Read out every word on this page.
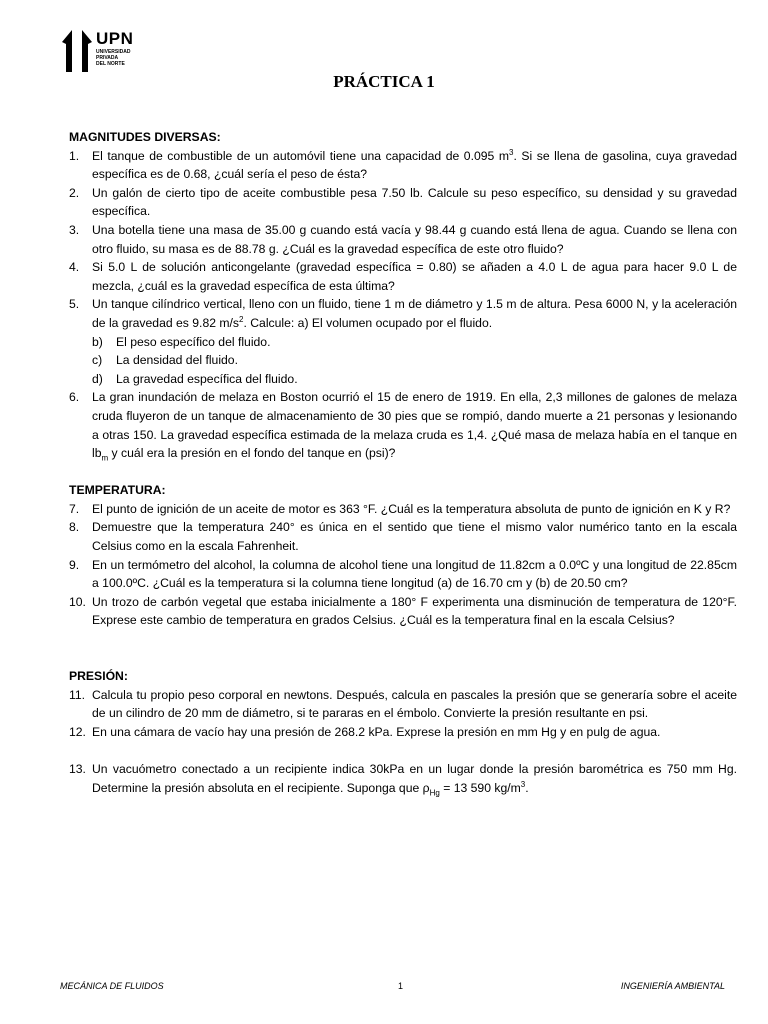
UPN
UNIVERSIDAD
PRIVADA
DEL NORTE
PRÁCTICA 1
MAGNITUDES DIVERSAS:
1.	El tanque de combustible de un automóvil tiene una capacidad de 0.095 $m^3$. Si se llena de gasolina, cuya gravedad específica es de 0.68, ¿cuál sería el peso de ésta?
2.	Un galón de cierto tipo de aceite combustible pesa 7.50 lb. Calcule su peso específico, su densidad y su gravedad específica.
3.	Una botella tiene una masa de 35.00 g cuando está vacía y 98.44 g cuando está llena de agua. Cuando se llena con otro fluido, su masa es de 88.78 g. ¿Cuál es la gravedad específica de este otro fluido?
4.	Si 5.0 L de solución anticongelante (gravedad específica = 0.80) se añaden a 4.0 L de agua para hacer 9.0 L de mezcla, ¿cuál es la gravedad específica de esta última?
5.	Un tanque cilíndrico vertical, lleno con un fluido, tiene 1 m de diámetro y 1.5 m de altura. Pesa 6000 N, y la aceleración de la gravedad es 9.82 $m/s^2$. Calcule: a) El volumen ocupado por el fluido.
b)	El peso específico del fluido.
c)	La densidad del fluido.
d)	La gravedad específica del fluido.
6.	La gran inundación de melaza en Boston ocurrió el 15 de enero de 1919. En ella, 2,3 millones de galones de melaza cruda fluyeron de un tanque de almacenamiento de 30 pies que se rompió, dando muerte a 21 personas y lesionando a otras 150. La gravedad específica estimada de la melaza cruda es 1,4. ¿Qué masa de melaza había en el tanque en $lb_m$ y cuál era la presión en el fondo del tanque en (psi)?
TEMPERATURA:
7.	El punto de ignición de un aceite de motor es 363 °F. ¿Cuál es la temperatura absoluta de punto de ignición en K y R?
8.	Demuestre que la temperatura 240° es única en el sentido que tiene el mismo valor numérico tanto en la escala Celsius como en la escala Fahrenheit.
9.	En un termómetro del alcohol, la columna de alcohol tiene una longitud de 11.82cm a 0.0ºC y una longitud de 22.85cm a 100.0ºC. ¿Cuál es la temperatura si la columna tiene longitud (a) de 16.70 cm y (b) de 20.50 cm?
10. Un trozo de carbón vegetal que estaba inicialmente a 180° F experimenta una disminución de temperatura de 120°F. Exprese este cambio de temperatura en grados Celsius. ¿Cuál es la temperatura final en la escala Celsius?
PRESIÓN:
11. Calcula tu propio peso corporal en newtons. Después, calcula en pascales la presión que se generaría sobre el aceite de un cilindro de 20 mm de diámetro, si te pararas en el émbolo. Convierte la presión resultante en psi.
12. En una cámara de vacío hay una presión de 268.2 kPa. Exprese la presión en mm Hg y en pulg de agua.
13. Un vacuómetro conectado a un recipiente indica 30kPa en un lugar donde la presión barométrica es 750 mm Hg. Determine la presión absoluta en el recipiente. Suponga que $\rho_{Hg} = 13$ 590 $kg/m^3$.
MECÁNICA DE FLUIDOS	1	INGENIERÍA AMBIENTAL
